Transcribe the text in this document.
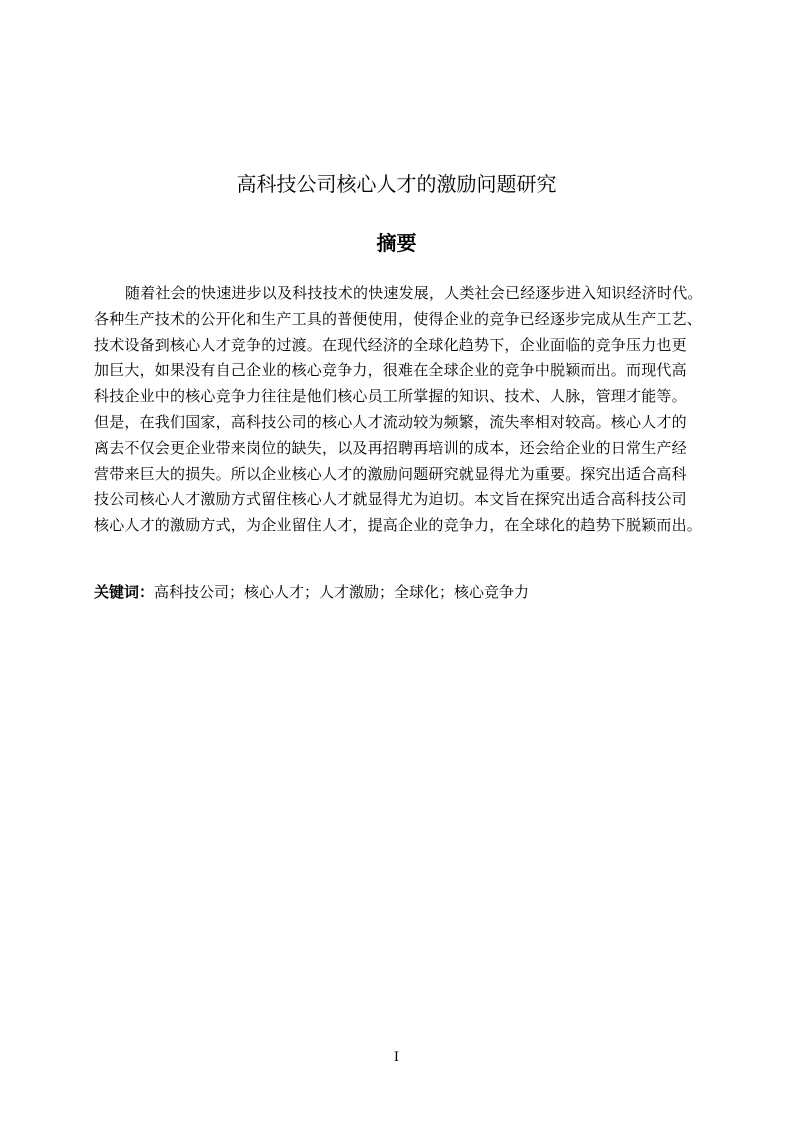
高科技公司核心人才的激励问题研究
摘要
随着社会的快速进步以及科技技术的快速发展，人类社会已经逐步进入知识经济时代。
各种生产技术的公开化和生产工具的普便使用，使得企业的竞争已经逐步完成从生产工艺、
技术设备到核心人才竞争的过渡。在现代经济的全球化趋势下，企业面临的竞争压力也更
加巨大，如果没有自己企业的核心竞争力，很难在全球企业的竞争中脱颖而出。而现代高
科技企业中的核心竞争力往往是他们核心员工所掌握的知识、技术、人脉，管理才能等。
但是，在我们国家，高科技公司的核心人才流动较为频繁，流失率相对较高。核心人才的
离去不仅会更企业带来岗位的缺失，以及再招聘再培训的成本，还会给企业的日常生产经
营带来巨大的损失。所以企业核心人才的激励问题研究就显得尤为重要。探究出适合高科
技公司核心人才激励方式留住核心人才就显得尤为迫切。本文旨在探究出适合高科技公司
核心人才的激励方式，为企业留住人才，提高企业的竞争力，在全球化的趋势下脱颖而出。
关键词：高科技公司；核心人才；人才激励；全球化；核心竞争力
I
